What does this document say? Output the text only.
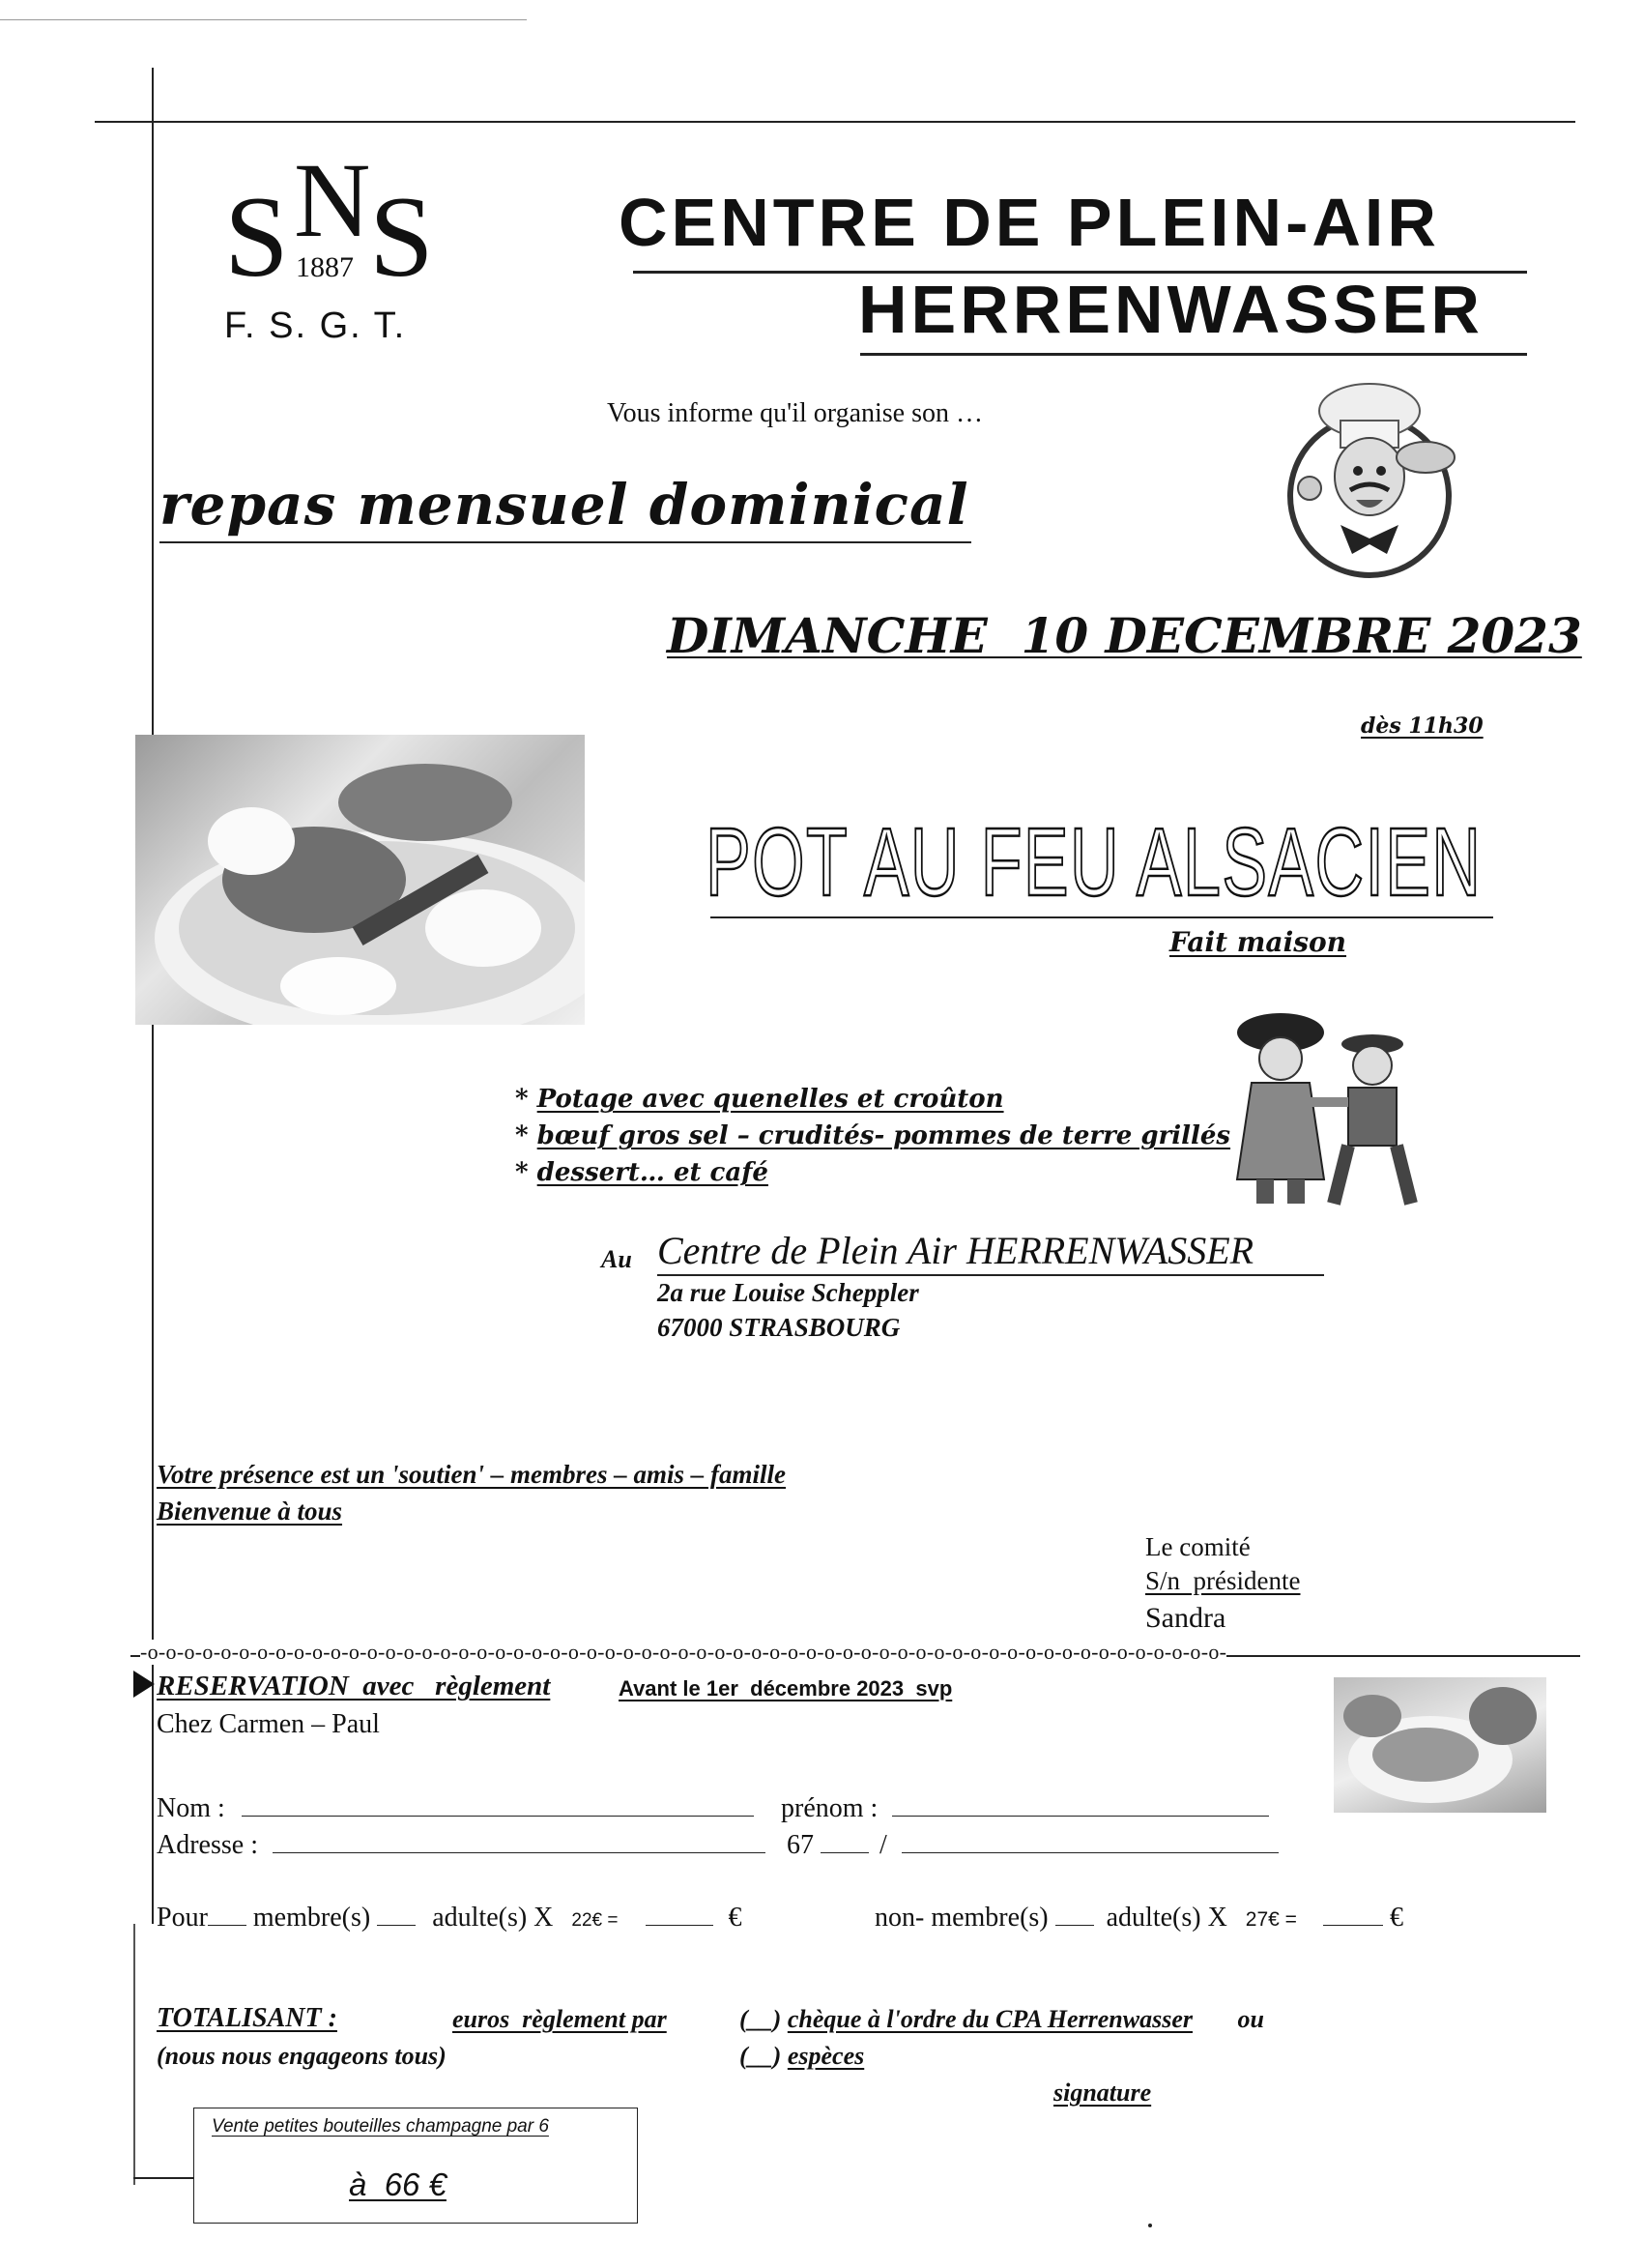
S N
1887 S
F. S. G. T.
CENTRE DE PLEIN-AIR
HERRENWASSER
Vous informe qu'il organise son …
repas mensuel dominical
DIMANCHE  10 DECEMBRE 2023
dès 11h30
POT AU FEU ALSACIEN
Fait maison
* Potage avec quenelles et croûton
* bœuf gros sel – crudités- pommes de terre grillés
* dessert… et café
Au Centre de Plein Air HERRENWASSER
2a rue Louise Scheppler
67000 STRASBOURG
Votre présence est un 'soutien' – membres – amis – famille
Bienvenue à tous
Le comité
S/n  présidente
Sandra
-o-o-o-o-o-o-o-o-o-o-o-o-o-o-o-o-o-o-o-o-o-o-o-o-o-o-o-o-o-o-o-o-o-o-o-o-o-o-o-o-o-o-o-o-o-o-o-o-o-o-o-o-o-o-o-o-o-o-o-
RESERVATION  avec   règlement	Avant le 1er  décembre 2023  svp
Chez Carmen – Paul
Nom :	prénom :
Adresse :	67 /
Pour membre(s) adulte(s) X 22€ =	€	non- membre(s) adulte(s) X 27€ =	€
TOTALISANT :	euros  règlement par
(nous nous engageons tous)
(__) chèque à l'ordre du CPA Herrenwasser ou
(__) espèces
signature
Vente petites bouteilles champagne par 6
à  66 €
